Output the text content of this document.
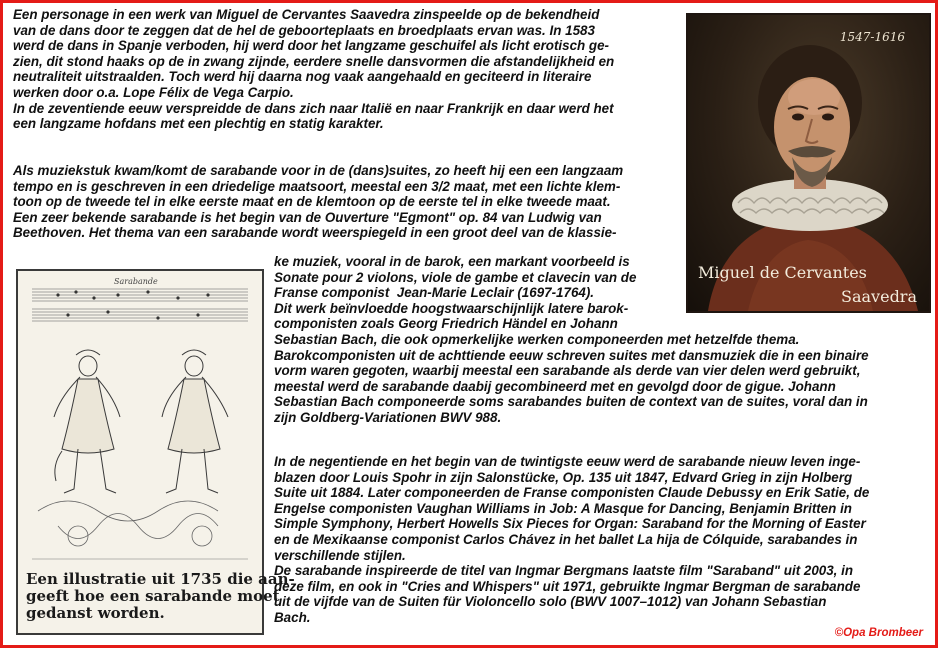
Een personage in een werk van Miguel de Cervantes Saavedra zinspeelde op de bekendheid
van de dans door te zeggen dat de hel de geboorteplaats en broedplaats ervan was. In 1583
werd de dans in Spanje verboden, hij werd door het langzame geschuifel als licht erotisch ge-
zien, dit stond haaks op de in zwang zijnde, eerdere snelle dansvormen die afstandelijkheid en
neutraliteit uitstraalden. Toch werd hij daarna nog vaak aangehaald en geciteerd in literaire
werken door o.a. Lope Félix de Vega Carpio.
In de zeventiende eeuw verspreidde de dans zich naar Italië en naar Frankrijk en daar werd het
een langzame hofdans met een plechtig en statig karakter.

Als muziekstuk kwam/komt de sarabande voor in de (dans)suites, zo heeft hij een een langzaam
tempo en is geschreven in een driedelige maatsoort, meestal een 3/2 maat, met een lichte klem-
toon op de tweede tel in elke eerste maat en de klemtoon op de eerste tel in elke tweede maat.
Een zeer bekende sarabande is het begin van de Ouverture "Egmont" op. 84 van Ludwig van
Beethoven. Het thema van een sarabande wordt weerspiegeld in een groot deel van de klassie-

ke muziek, vooral in de barok, een markant voorbeeld is
Sonate pour 2 violons, viole de gambe et clavecin van de
Franse componist  Jean-Marie Leclair (1697-1764).
Dit werk beïnvloedde hoogstwaarschijnlijk latere barok-
componisten zoals Georg Friedrich Händel en Johann
Sebastian Bach, die ook opmerkelijke werken componeerden met hetzelfde thema.
Barokcomponisten uit de achttiende eeuw schreven suites met dansmuziek die in een binaire
vorm waren gegoten, waarbij meestal een sarabande als derde van vier delen werd gebruikt,
meestal werd de sarabande daabij gecombineerd met en gevolgd door de gigue. Johann
Sebastian Bach componeerde soms sarabandes buiten de context van de suites, voral dan in
zijn Goldberg-Variationen BWV 988.

In de negentiende en het begin van de twintigste eeuw werd de sarabande nieuw leven inge-
blazen door Louis Spohr in zijn Salonstücke, Op. 135 uit 1847, Edvard Grieg in zijn Holberg
Suite uit 1884. Later componeerden de Franse componisten Claude Debussy en Erik Satie, de
Engelse componisten Vaughan Williams in Job: A Masque for Dancing, Benjamin Britten in
Simple Symphony, Herbert Howells Six Pieces for Organ: Saraband for the Morning of Easter
en de Mexikaanse componist Carlos Chávez in het ballet La hija de Cólquide, sarabandes in
verschillende stijlen.
De sarabande inspireerde de titel van Ingmar Bergmans laatste film "Saraband" uit 2003, in
deze film, en ook in "Cries and Whispers" uit 1971, gebruikte Ingmar Bergman de sarabande
uit de vijfde van de Suiten für Violoncello solo (BWV 1007–1012) van Johann Sebastian
Bach.

1547-1616
Miguel de Cervantes
Saavedra
Sarabande
Een illustratie uit 1735 die aan-
geeft hoe een sarabande moet
gedanst worden.
©Opa Brombeer
